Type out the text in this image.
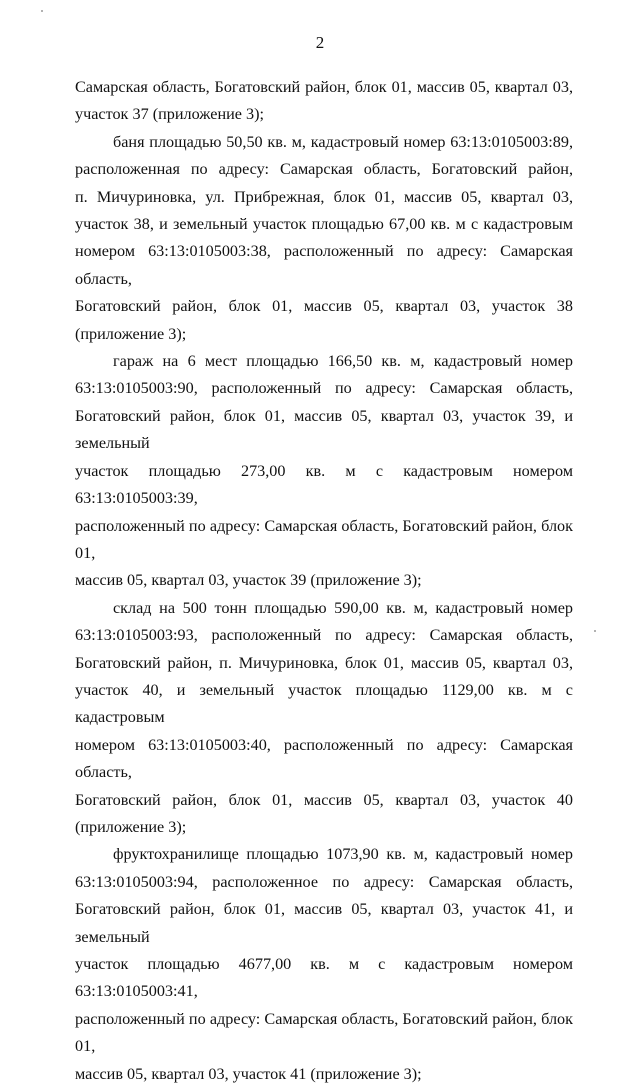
2
Самарская область, Богатовский район, блок 01, массив 05, квартал 03,
участок 37 (приложение 3);
баня площадью 50,50 кв. м, кадастровый номер 63:13:0105003:89,
расположенная по адресу: Самарская область, Богатовский район,
п. Мичуриновка, ул. Прибрежная, блок 01, массив 05, квартал 03,
участок 38, и земельный участок площадью 67,00 кв. м с кадастровым
номером 63:13:0105003:38, расположенный по адресу: Самарская область,
Богатовский район, блок 01, массив 05, квартал 03, участок 38
(приложение 3);
гараж на 6 мест площадью 166,50 кв. м, кадастровый номер
63:13:0105003:90, расположенный по адресу: Самарская область,
Богатовский район, блок 01, массив 05, квартал 03, участок 39, и земельный
участок площадью 273,00 кв. м с кадастровым номером 63:13:0105003:39,
расположенный по адресу: Самарская область, Богатовский район, блок 01,
массив 05, квартал 03, участок 39 (приложение 3);
склад на 500 тонн площадью 590,00 кв. м, кадастровый номер
63:13:0105003:93, расположенный по адресу: Самарская область,
Богатовский район, п. Мичуриновка, блок 01, массив 05, квартал 03,
участок 40, и земельный участок площадью 1129,00 кв. м с кадастровым
номером 63:13:0105003:40, расположенный по адресу: Самарская область,
Богатовский район, блок 01, массив 05, квартал 03, участок 40
(приложение 3);
фруктохранилище площадью 1073,90 кв. м, кадастровый номер
63:13:0105003:94, расположенное по адресу: Самарская область,
Богатовский район, блок 01, массив 05, квартал 03, участок 41, и земельный
участок площадью 4677,00 кв. м с кадастровым номером 63:13:0105003:41,
расположенный по адресу: Самарская область, Богатовский район, блок 01,
массив 05, квартал 03, участок 41 (приложение 3);
